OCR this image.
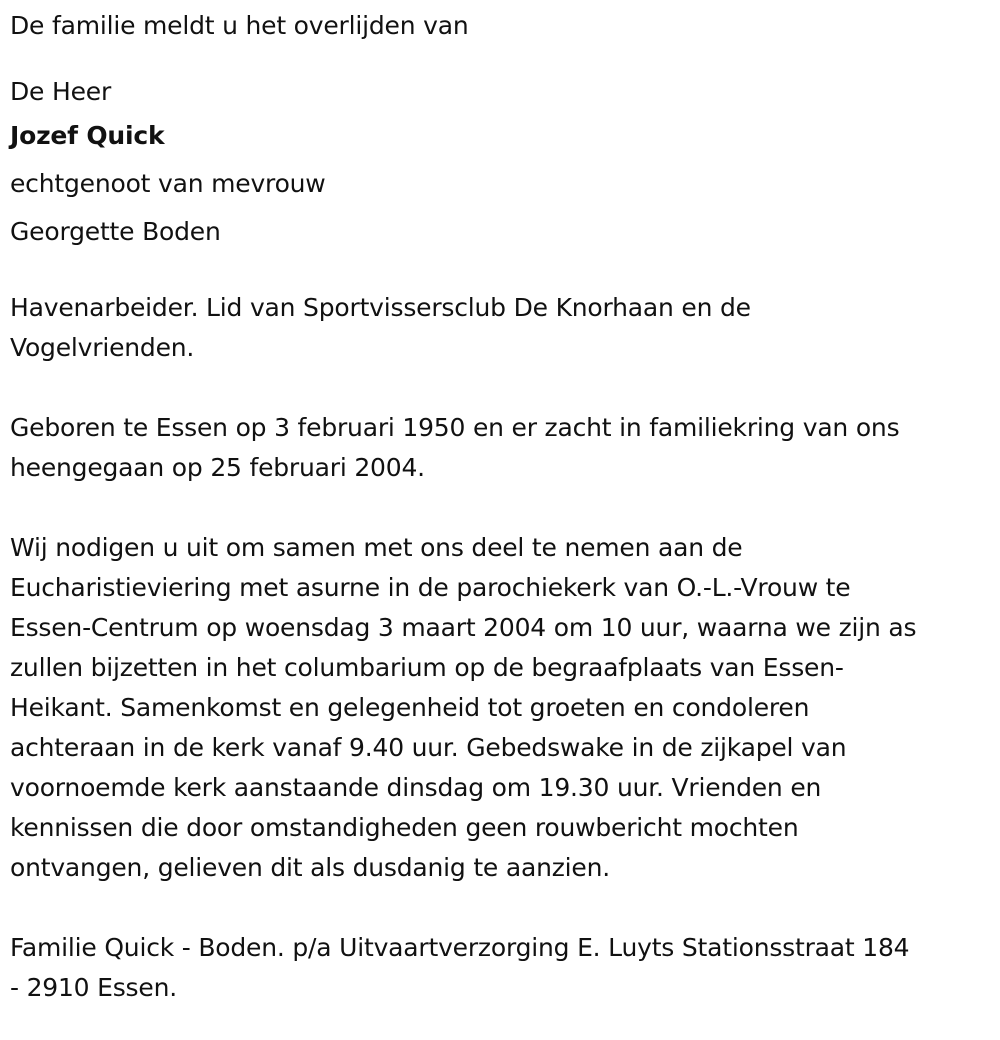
De familie meldt u het overlijden van

De Heer

Jozef Quick

echtgenoot van mevrouw

Georgette Boden

Havenarbeider. Lid van Sportvissersclub De Knorhaan en de

Vogelvrienden.

Geboren te Essen op 3 februari 1950 en er zacht in familiekring van ons

heengegaan op 25 februari 2004.

Wij nodigen u uit om samen met ons deel te nemen aan de

Eucharistieviering met asurne in de parochiekerk van O.-L.-Vrouw te

Essen-Centrum op woensdag 3 maart 2004 om 10 uur, waarna we zijn as

zullen bijzetten in het columbarium op de begraafplaats van Essen-

Heikant. Samenkomst en gelegenheid tot groeten en condoleren

achteraan in de kerk vanaf 9.40 uur. Gebedswake in de zijkapel van

voornoemde kerk aanstaande dinsdag om 19.30 uur. Vrienden en

kennissen die door omstandigheden geen rouwbericht mochten

ontvangen, gelieven dit als dusdanig te aanzien.

Familie Quick - Boden. p/a Uitvaartverzorging E. Luyts Stationsstraat 184

- 2910 Essen.
